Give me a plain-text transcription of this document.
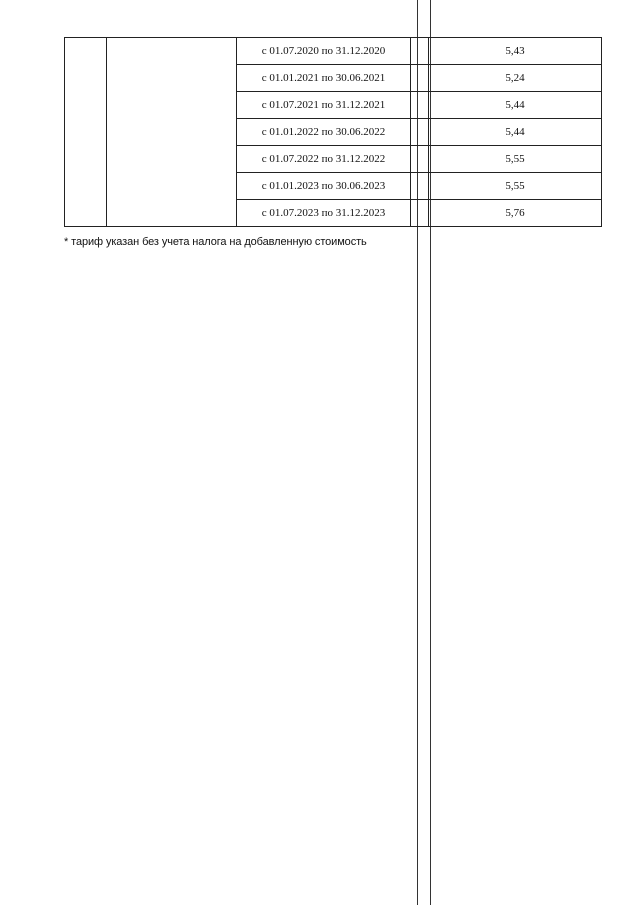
		с 01.07.2020 по 31.12.2020		5,43
		с 01.01.2021 по 30.06.2021		5,24
		с 01.07.2021 по 31.12.2021		5,44
		с 01.01.2022 по 30.06.2022		5,44
		с 01.07.2022 по 31.12.2022		5,55
		с 01.01.2023 по 30.06.2023		5,55
		с 01.07.2023 по 31.12.2023		5,76
* тариф указан без учета налога на добавленную стоимость
